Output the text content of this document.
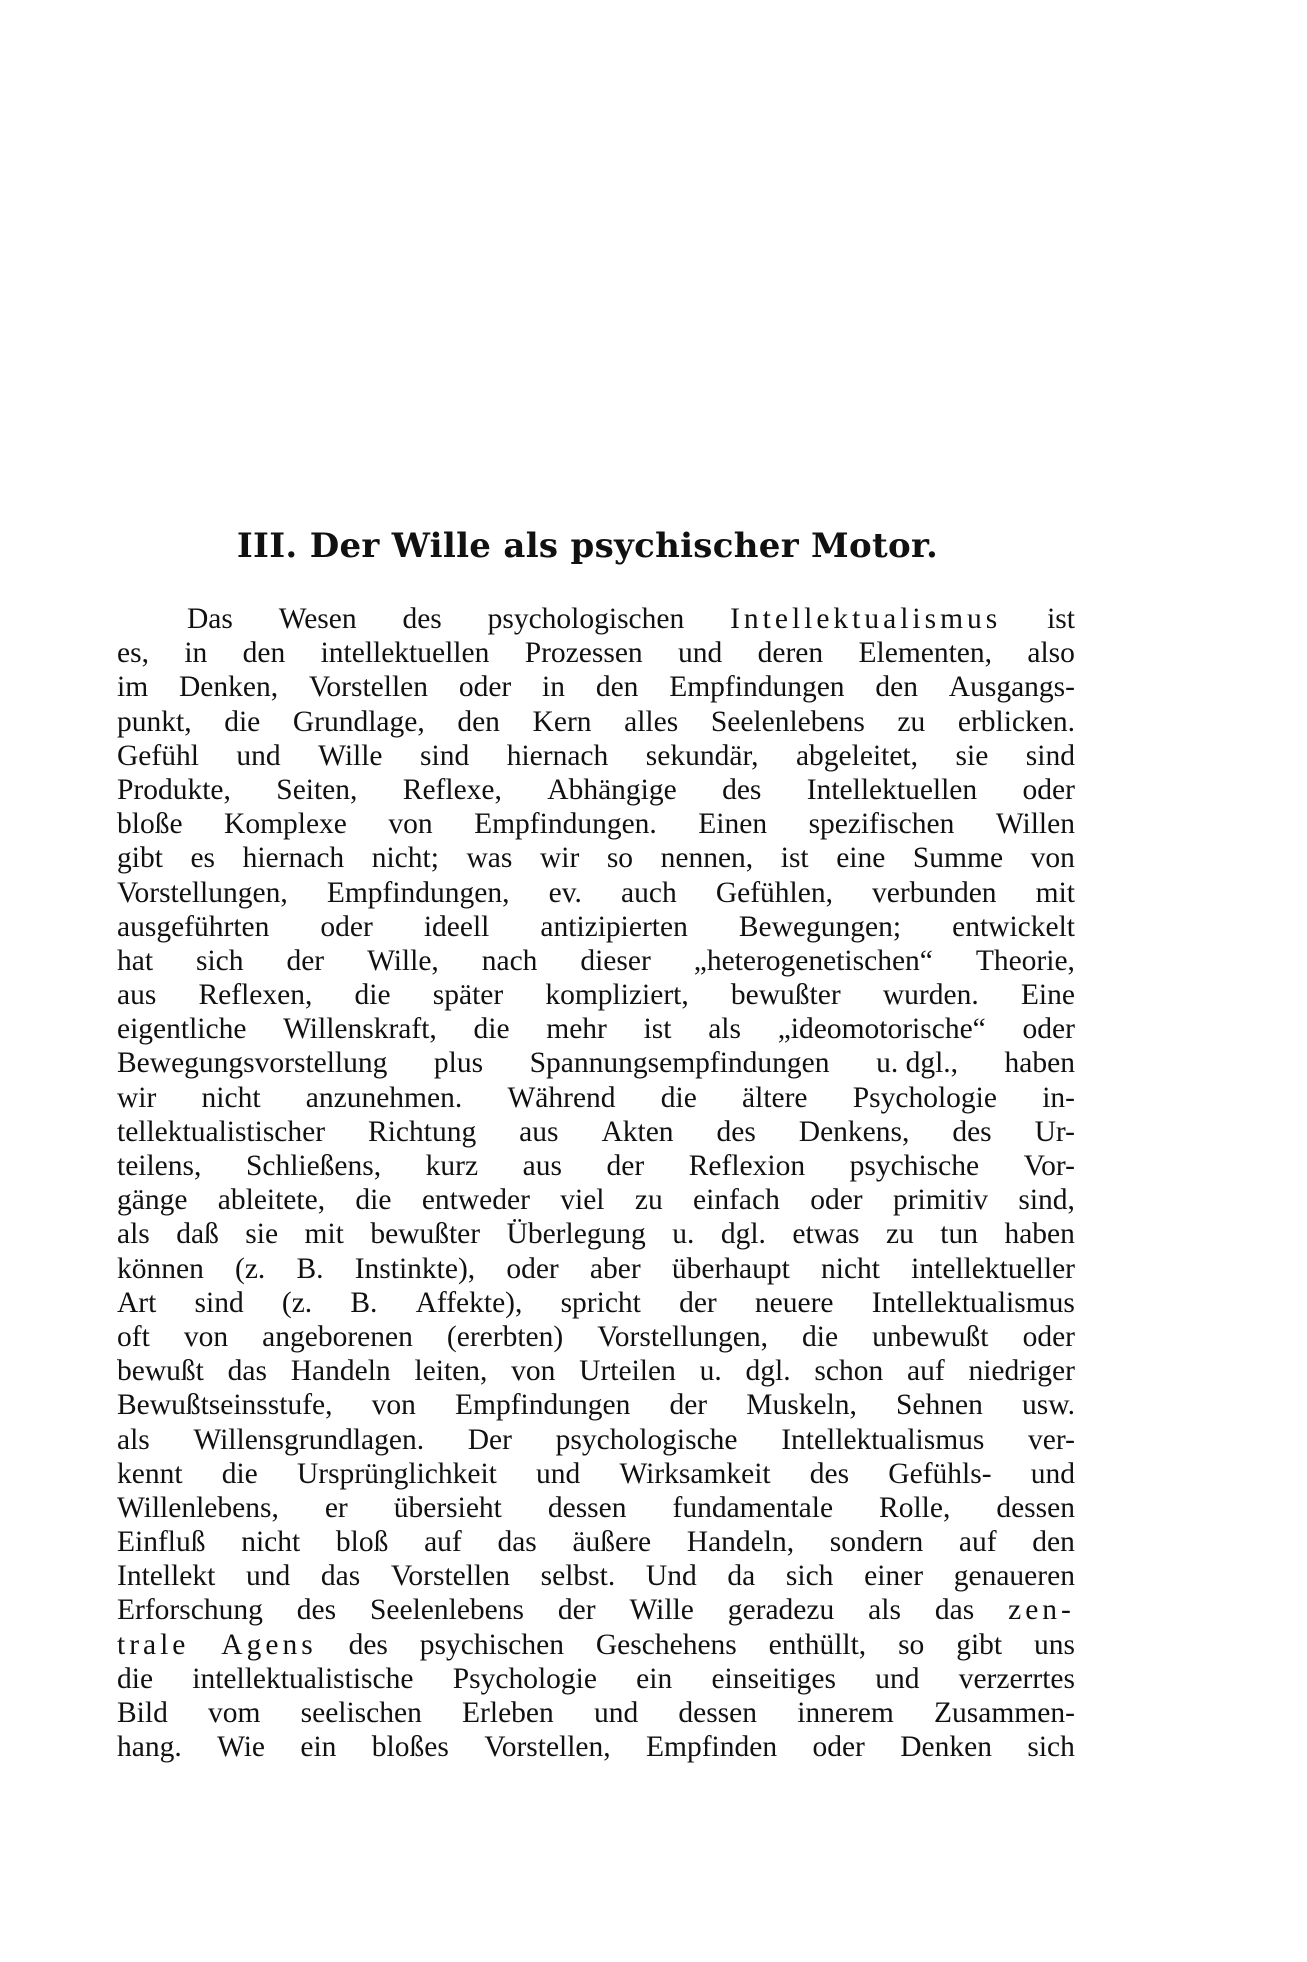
III. Der Wille als psychischer Motor.
Das Wesen des psychologischen Intellektualismus ist
es, in den intellektuellen Prozessen und deren Elementen, also
im Denken, Vorstellen oder in den Empfindungen den Ausgangs-
punkt, die Grundlage, den Kern alles Seelenlebens zu erblicken.
Gefühl und Wille sind hiernach sekundär, abgeleitet, sie sind
Produkte, Seiten, Reflexe, Abhängige des Intellektuellen oder
bloße Komplexe von Empfindungen. Einen spezifischen Willen
gibt es hiernach nicht; was wir so nennen, ist eine Summe von
Vorstellungen, Empfindungen, ev. auch Gefühlen, verbunden mit
ausgeführten oder ideell antizipierten Bewegungen; entwickelt
hat sich der Wille, nach dieser „heterogenetischen“ Theorie,
aus Reflexen, die später kompliziert, bewußter wurden. Eine
eigentliche Willenskraft, die mehr ist als „ideomotorische“ oder
Bewegungsvorstellung plus Spannungsempfindungen u. dgl., haben
wir nicht anzunehmen. Während die ältere Psychologie in-
tellektualistischer Richtung aus Akten des Denkens, des Ur-
teilens, Schließens, kurz aus der Reflexion psychische Vor-
gänge ableitete, die entweder viel zu einfach oder primitiv sind,
als daß sie mit bewußter Überlegung u. dgl. etwas zu tun haben
können (z. B. Instinkte), oder aber überhaupt nicht intellektueller
Art sind (z. B. Affekte), spricht der neuere Intellektualismus
oft von angeborenen (ererbten) Vorstellungen, die unbewußt oder
bewußt das Handeln leiten, von Urteilen u. dgl. schon auf niedriger
Bewußtseinsstufe, von Empfindungen der Muskeln, Sehnen usw.
als Willensgrundlagen. Der psychologische Intellektualismus ver-
kennt die Ursprünglichkeit und Wirksamkeit des Gefühls- und
Willenlebens, er übersieht dessen fundamentale Rolle, dessen
Einfluß nicht bloß auf das äußere Handeln, sondern auf den
Intellekt und das Vorstellen selbst. Und da sich einer genaueren
Erforschung des Seelenlebens der Wille geradezu als das zen-
trale Agens des psychischen Geschehens enthüllt, so gibt uns
die intellektualistische Psychologie ein einseitiges und verzerrtes
Bild vom seelischen Erleben und dessen innerem Zusammen-
hang. Wie ein bloßes Vorstellen, Empfinden oder Denken sich
